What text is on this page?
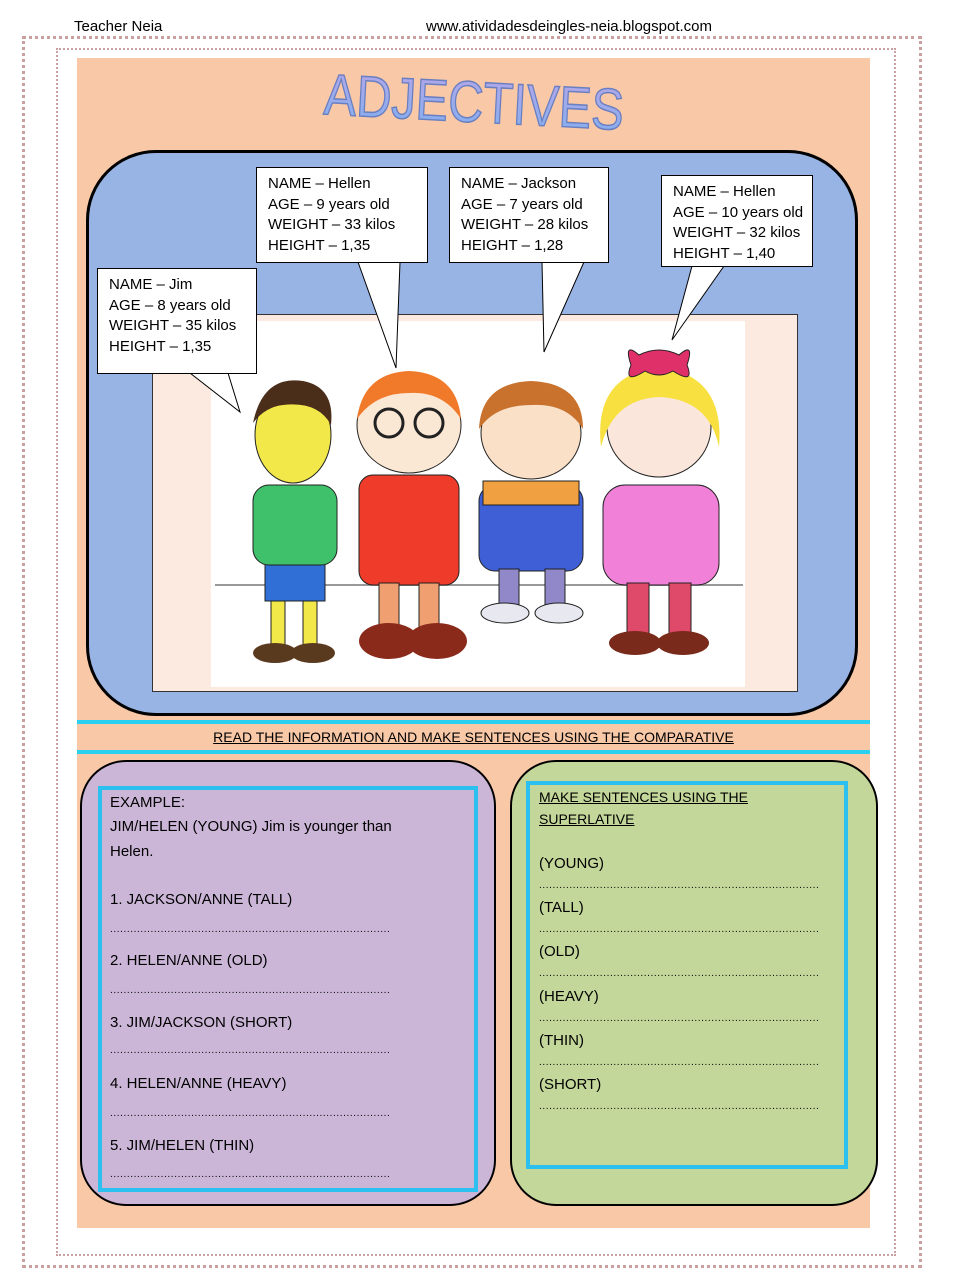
Teacher Neia	www.atividadesdeingles-neia.blogspot.com
ADJECTIVES
NAME – Jim
AGE – 8 years old
WEIGHT – 35 kilos
HEIGHT – 1,35
NAME – Hellen
AGE – 9 years old
WEIGHT – 33 kilos
HEIGHT – 1,35
NAME – Jackson
AGE – 7 years old
WEIGHT – 28 kilos
HEIGHT – 1,28
NAME – Hellen
AGE – 10 years old
WEIGHT – 32 kilos
HEIGHT – 1,40
READ THE INFORMATION AND MAKE SENTENCES USING THE COMPARATIVE
EXAMPLE:
JIM/HELEN (YOUNG) Jim is younger than
Helen.
1. JACKSON/ANNE (TALL)
...................................................................................
2. HELEN/ANNE (OLD)
...................................................................................
3. JIM/JACKSON (SHORT)
...................................................................................
4. HELEN/ANNE (HEAVY)
...................................................................................
5. JIM/HELEN (THIN)
...................................................................................
MAKE SENTENCES USING THE
SUPERLATIVE
(YOUNG)
...................................................................................
(TALL)
...................................................................................
(OLD)
...................................................................................
(HEAVY)
...................................................................................
(THIN)
...................................................................................
(SHORT)
...................................................................................
